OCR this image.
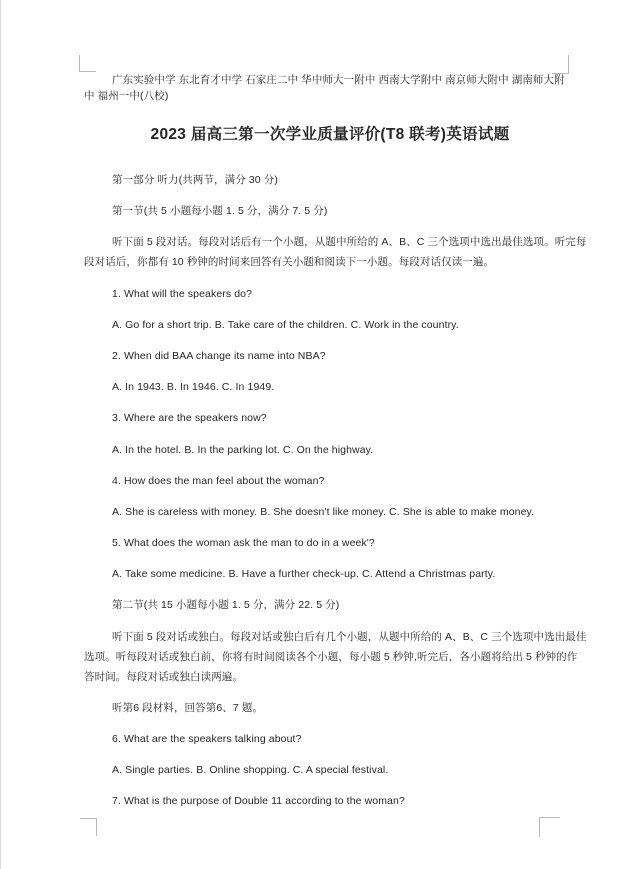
广东实验中学 东北育才中学 石家庄二中 华中师大一附中 西南大学附中 南京师大附中 湖南师大附
中 福州一中(八校)
2023 届高三第一次学业质量评价(T8 联考)英语试题
第一部分 听力(共两节，满分 30 分)
第一节(共 5 小题每小题 1. 5 分，满分 7. 5 分)
听下面 5 段对话。每段对话后有一个小题，从题中所给的 A、B、C 三个选项中选出最佳选项。听完每
段对话后，你都有 10 秒钟的时间来回答有关小题和阅读下一小题。每段对话仅读一遍。
1. What will the speakers do?
A. Go for a short trip. B. Take care of the children. C. Work in the country.
2. When did BAA change its name into NBA?
A. In 1943. B. In 1946. C. In 1949.
3. Where are the speakers now?
A. In the hotel. B. In the parking lot. C. On the highway.
4. How does the man feel about the woman?
A. She is careless with money. B. She doesn't like money. C. She is able to make money.
5. What does the woman ask the man to do in a week'?
A. Take some medicine. B. Have a further check-up. C. Attend a Christmas party.
第二节(共 15 小题每小题 1. 5 分，满分 22. 5 分)
听下面 5 段对话或独白。每段对话或独白后有几个小题，从题中所给的 A、B、C 三个选项中选出最佳
选项。听每段对话或独白前，你将有时间阅读各个小题，每小题 5 秒钟,听完后，各小题将给出 5 秒钟的作
答时间。每段对话或独白读两遍。
听第6 段材料，回答第6、7 题。
6. What are the speakers talking about?
A. Single parties. B. Online shopping. C. A special festival.
7. What is the purpose of Double 11 according to the woman?
